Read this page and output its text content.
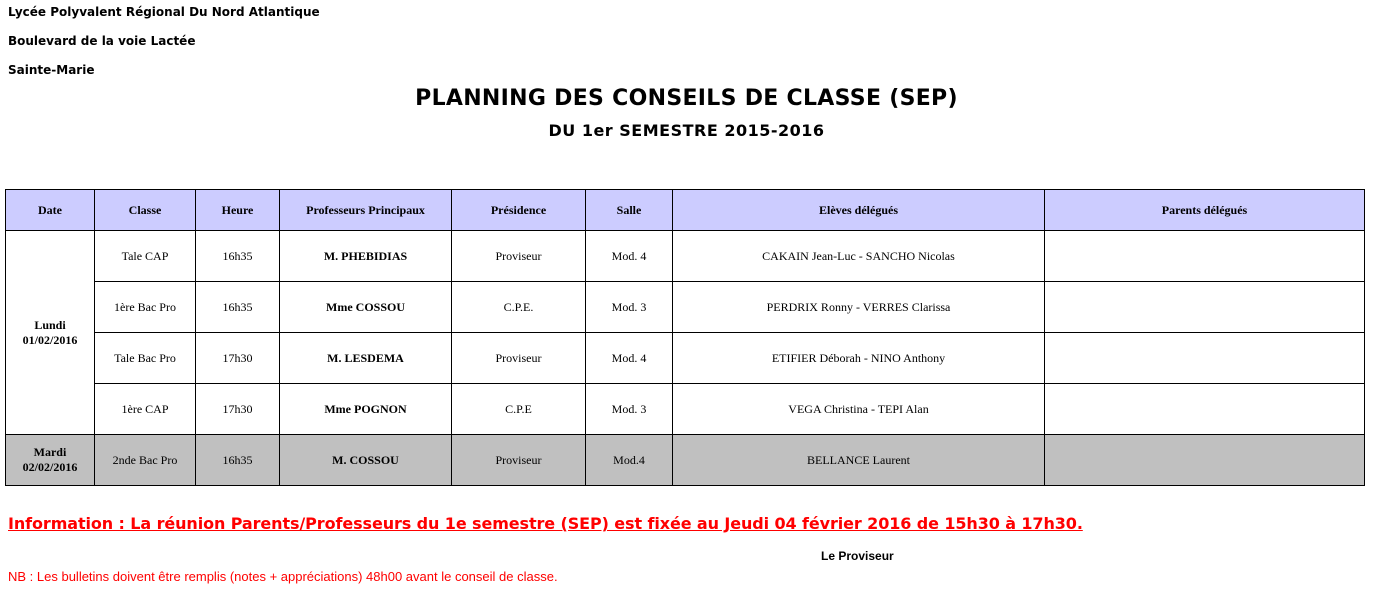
Lycée Polyvalent Régional Du Nord Atlantique
Boulevard de la voie Lactée
Sainte-Marie
PLANNING DES CONSEILS DE CLASSE (SEP)
DU 1er SEMESTRE 2015-2016
Date	Classe	Heure	Professeurs Principaux	Présidence	Salle	Elèves délégués	Parents délégués

Lundi
01/02/2016	Tale CAP	16h35	M. PHEBIDIAS	Proviseur	Mod. 4	CAKAIN Jean-Luc - SANCHO Nicolas	
	1ère Bac Pro	16h35	Mme COSSOU	C.P.E.	Mod. 3	PERDRIX Ronny - VERRES Clarissa	
	Tale Bac Pro	17h30	M. LESDEMA	Proviseur	Mod. 4	ETIFIER Déborah - NINO Anthony	
	1ère CAP	17h30	Mme POGNON	C.P.E	Mod. 3	VEGA Christina - TEPI Alan	

Mardi
02/02/2016	2nde Bac Pro	16h35	M. COSSOU	Proviseur	Mod.4	BELLANCE Laurent	
Information : La réunion Parents/Professeurs du 1e semestre (SEP) est fixée au Jeudi 04 février 2016 de 15h30 à 17h30.
Le Proviseur
NB : Les bulletins doivent être remplis (notes + appréciations) 48h00 avant le conseil de classe.
